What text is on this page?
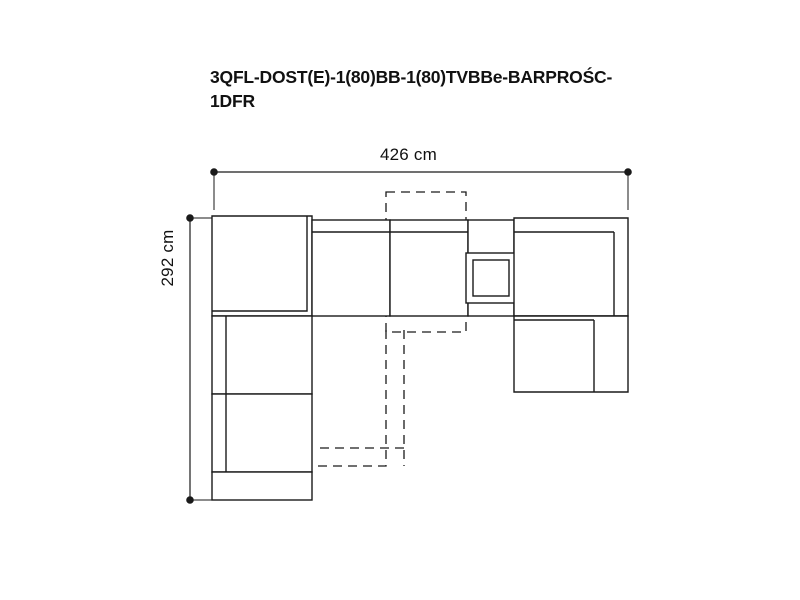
3QFL-DOST(E)-1(80)BB-1(80)TVBBe-BARPROŚC-1DFR
426 cm
292 cm
